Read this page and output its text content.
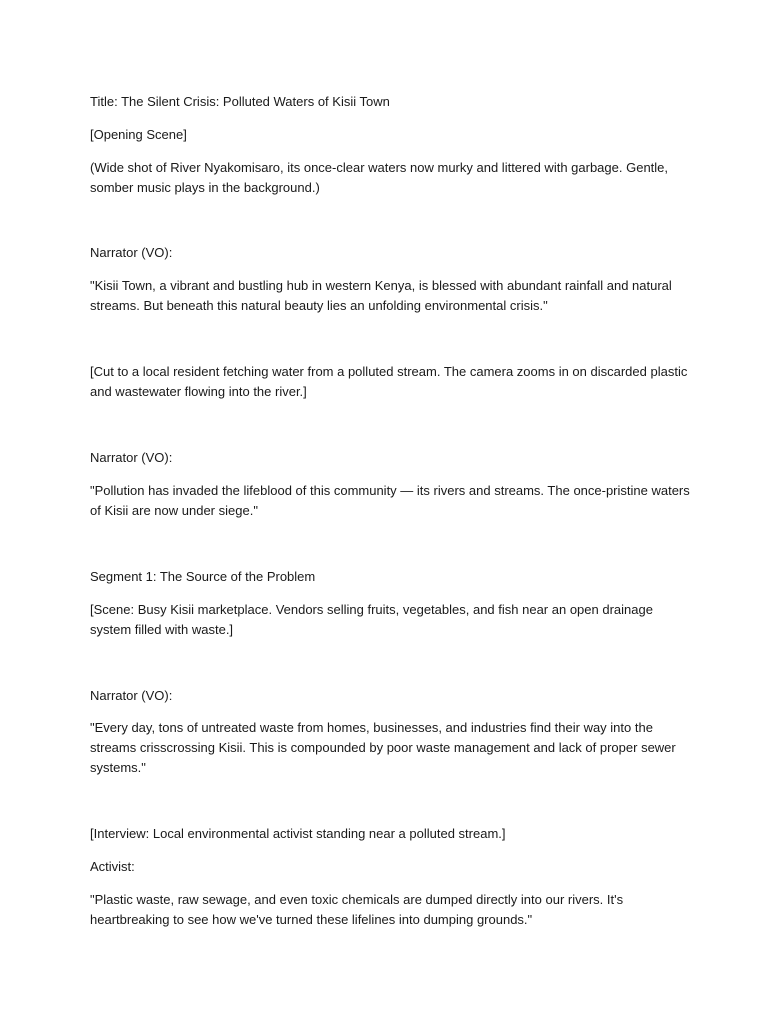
Title: The Silent Crisis: Polluted Waters of Kisii Town

[Opening Scene]

(Wide shot of River Nyakomisaro, its once-clear waters now murky and littered with garbage. Gentle, somber music plays in the background.)

Narrator (VO):

"Kisii Town, a vibrant and bustling hub in western Kenya, is blessed with abundant rainfall and natural streams. But beneath this natural beauty lies an unfolding environmental crisis."

[Cut to a local resident fetching water from a polluted stream. The camera zooms in on discarded plastic and wastewater flowing into the river.]

Narrator (VO):

"Pollution has invaded the lifeblood of this community — its rivers and streams. The once-pristine waters of Kisii are now under siege."

Segment 1: The Source of the Problem

[Scene: Busy Kisii marketplace. Vendors selling fruits, vegetables, and fish near an open drainage system filled with waste.]

Narrator (VO):

"Every day, tons of untreated waste from homes, businesses, and industries find their way into the streams crisscrossing Kisii. This is compounded by poor waste management and lack of proper sewer systems."

[Interview: Local environmental activist standing near a polluted stream.]

Activist:

"Plastic waste, raw sewage, and even toxic chemicals are dumped directly into our rivers. It's heartbreaking to see how we've turned these lifelines into dumping grounds."
